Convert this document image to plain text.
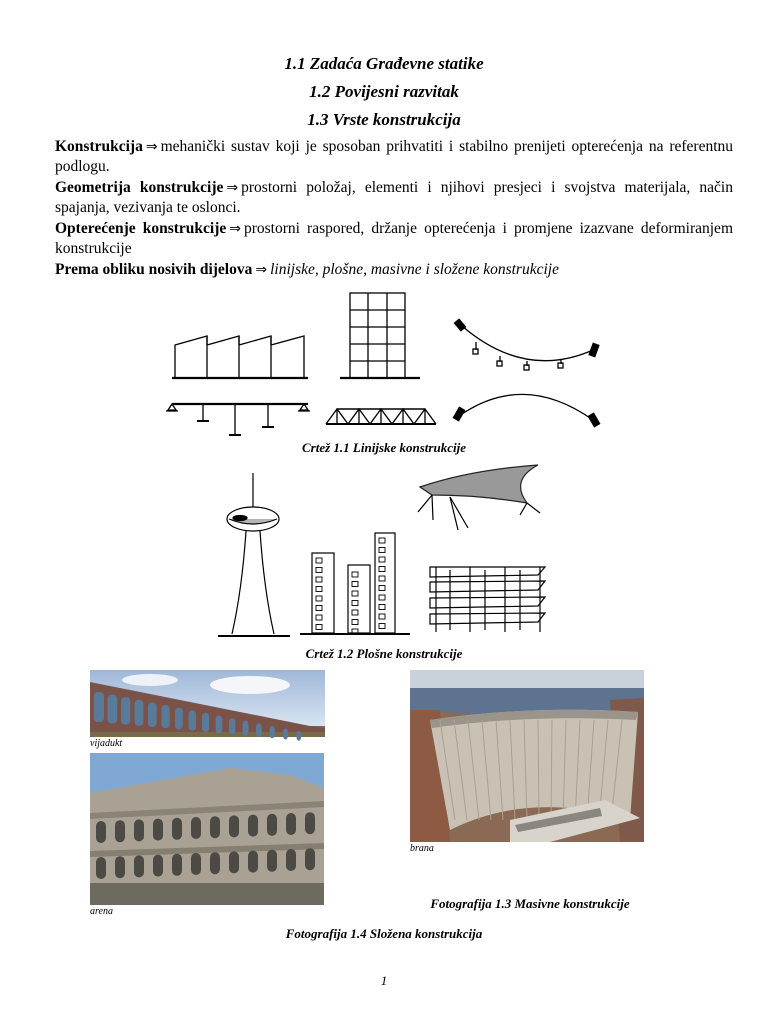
1.1 Zadaća Građevne statike
1.2 Povijesni razvitak
1.3 Vrste konstrukcija
Konstrukcija ⇒ mehanički sustav koji je sposoban prihvatiti i stabilno prenijeti opterećenja na referentnu podlogu.
Geometrija konstrukcije ⇒ prostorni položaj, elementi i njihovi presjeci i svojstva materijala, način spajanja, vezivanja te oslonci.
Opterećenje konstrukcije ⇒ prostorni raspored, držanje opterećenja i promjene izazvane deformiranjem konstrukcije
Prema obliku nosivih dijelova ⇒ linijske, plošne, masivne i složene konstrukcije
Crtež 1.1 Linijske konstrukcije
Crtež 1.2 Plošne konstrukcije
vijadukt
arena
brana
Fotografija 1.3 Masivne konstrukcije
Fotografija 1.4 Složena konstrukcija
1
